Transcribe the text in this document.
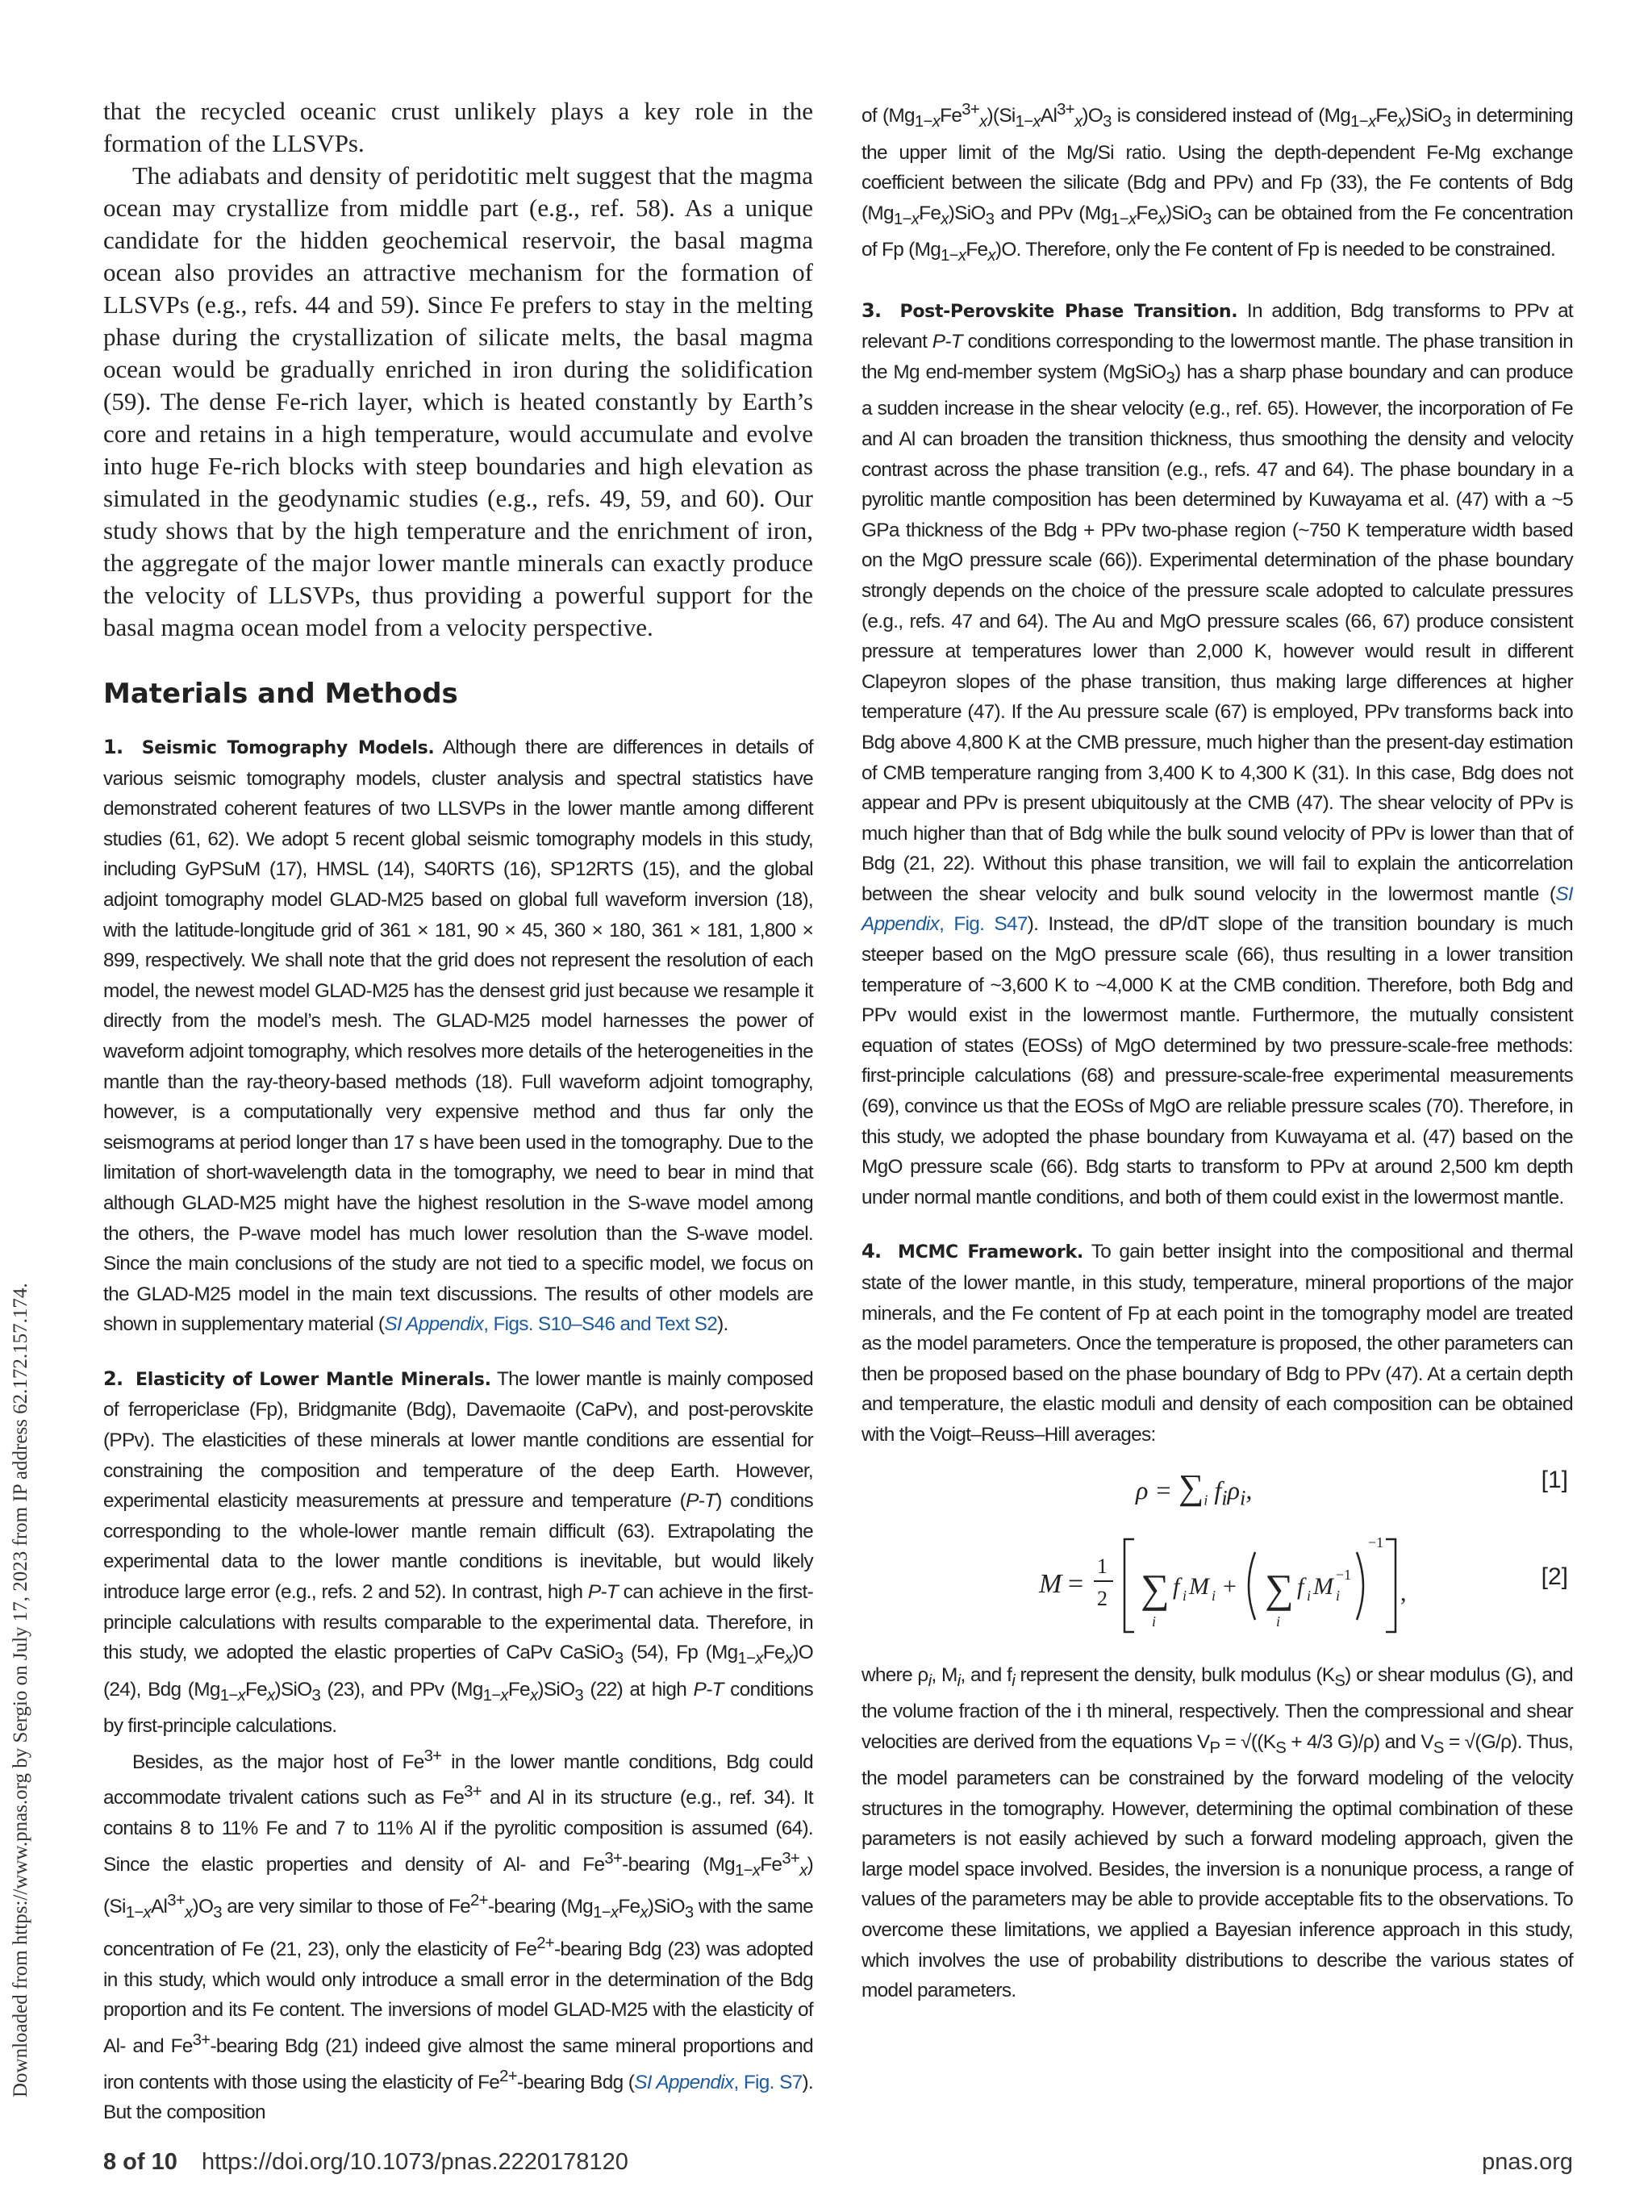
Downloaded from https://www.pnas.org by Sergio on July 17, 2023 from IP address 62.172.157.174.

that the recycled oceanic crust unlikely plays a key role in the formation of the LLSVPs.

The adiabats and density of peridotitic melt suggest that the magma ocean may crystallize from middle part (e.g., ref. 58). As a unique candidate for the hidden geochemical reservoir, the basal magma ocean also provides an attractive mechanism for the formation of LLSVPs (e.g., refs. 44 and 59). Since Fe prefers to stay in the melting phase during the crystallization of silicate melts, the basal magma ocean would be gradually enriched in iron during the solidification (59). The dense Fe-rich layer, which is heated constantly by Earth’s core and retains in a high temperature, would accumulate and evolve into huge Fe-rich blocks with steep boundaries and high elevation as simulated in the geodynamic studies (e.g., refs. 49, 59, and 60). Our study shows that by the high temperature and the enrichment of iron, the aggregate of the major lower mantle minerals can exactly produce the velocity of LLSVPs, thus providing a powerful support for the basal magma ocean model from a velocity perspective.

Materials and Methods

1. Seismic Tomography Models. Although there are differences in details of various seismic tomography models, cluster analysis and spectral statistics have demonstrated coherent features of two LLSVPs in the lower mantle among different studies (61, 62). We adopt 5 recent global seismic tomography models in this study, including GyPSuM (17), HMSL (14), S40RTS (16), SP12RTS (15), and the global adjoint tomography model GLAD-M25 based on global full waveform inversion (18), with the latitude-longitude grid of 361 × 181, 90 × 45, 360 × 180, 361 × 181, 1,800 × 899, respectively. We shall note that the grid does not represent the resolution of each model, the newest model GLAD-M25 has the densest grid just because we resample it directly from the model’s mesh. The GLAD-M25 model harnesses the power of waveform adjoint tomography, which resolves more details of the heterogeneities in the mantle than the ray-theory-based methods (18). Full waveform adjoint tomography, however, is a computationally very expensive method and thus far only the seismograms at period longer than 17 s have been used in the tomography. Due to the limitation of short-wavelength data in the tomography, we need to bear in mind that although GLAD-M25 might have the highest resolution in the S-wave model among the others, the P-wave model has much lower resolution than the S-wave model. Since the main conclusions of the study are not tied to a specific model, we focus on the GLAD-M25 model in the main text discussions. The results of other models are shown in supplementary material (SI Appendix, Figs. S10–S46 and Text S2).

2. Elasticity of Lower Mantle Minerals. The lower mantle is mainly composed of ferropericlase (Fp), Bridgmanite (Bdg), Davemaoite (CaPv), and post-perovskite (PPv). The elasticities of these minerals at lower mantle conditions are essential for constraining the composition and temperature of the deep Earth. However, experimental elasticity measurements at pressure and temperature (P-T) conditions corresponding to the whole-lower mantle remain difficult (63). Extrapolating the experimental data to the lower mantle conditions is inevitable, but would likely introduce large error (e.g., refs. 2 and 52). In contrast, high P-T can achieve in the first-principle calculations with results comparable to the experimental data. Therefore, in this study, we adopted the elastic properties of CaPv CaSiO$_3$ (54), Fp $(Mg_{1-x}Fe_x)O$ (24), Bdg $(Mg_{1-x}Fe_x)SiO_3$ (23), and PPv $(Mg_{1-x}Fe_x)SiO_3$ (22) at high P-T conditions by first-principle calculations.

Besides, as the major host of $Fe^{3+}$ in the lower mantle conditions, Bdg could accommodate trivalent cations such as $Fe^{3+}$ and Al in its structure (e.g., ref. 34). It contains 8 to 11% Fe and 7 to 11% Al if the pyrolitic composition is assumed (64). Since the elastic properties and density of Al- and $Fe^{3+}$-bearing $(Mg_{1-x}Fe^{3+}_x)(Si_{1-x}Al^{3+}_x)O_3$ are very similar to those of $Fe^{2+}$-bearing $(Mg_{1-x}Fe_x)SiO_3$ with the same concentration of Fe (21, 23), only the elasticity of $Fe^{2+}$-bearing Bdg (23) was adopted in this study, which would only introduce a small error in the determination of the Bdg proportion and its Fe content. The inversions of model GLAD-M25 with the elasticity of Al- and $Fe^{3+}$-bearing Bdg (21) indeed give almost the same mineral proportions and iron contents with those using the elasticity of $Fe^{2+}$-bearing Bdg (SI Appendix, Fig. S7). But the composition

of $(Mg_{1-x}Fe^{3+}_x)(Si_{1-x}Al^{3+}_x)O_3$ is considered instead of $(Mg_{1-x}Fe_x)SiO_3$ in determining the upper limit of the Mg/Si ratio. Using the depth-dependent Fe-Mg exchange coefficient between the silicate (Bdg and PPv) and Fp (33), the Fe contents of Bdg $(Mg_{1-x}Fe_x)SiO_3$ and PPv $(Mg_{1-x}Fe_x)SiO_3$ can be obtained from the Fe concentration of Fp $(Mg_{1-x}Fe_x)O$. Therefore, only the Fe content of Fp is needed to be constrained.

3. Post-Perovskite Phase Transition. In addition, Bdg transforms to PPv at relevant P-T conditions corresponding to the lowermost mantle. The phase transition in the Mg end-member system (MgSiO$_3$) has a sharp phase boundary and can produce a sudden increase in the shear velocity (e.g., ref. 65). However, the incorporation of Fe and Al can broaden the transition thickness, thus smoothing the density and velocity contrast across the phase transition (e.g., refs. 47 and 64). The phase boundary in a pyrolitic mantle composition has been determined by Kuwayama et al. (47) with a ~5 GPa thickness of the Bdg + PPv two-phase region (~750 K temperature width based on the MgO pressure scale (66)). Experimental determination of the phase boundary strongly depends on the choice of the pressure scale adopted to calculate pressures (e.g., refs. 47 and 64). The Au and MgO pressure scales (66, 67) produce consistent pressure at temperatures lower than 2,000 K, however would result in different Clapeyron slopes of the phase transition, thus making large differences at higher temperature (47). If the Au pressure scale (67) is employed, PPv transforms back into Bdg above 4,800 K at the CMB pressure, much higher than the present-day estimation of CMB temperature ranging from 3,400 K to 4,300 K (31). In this case, Bdg does not appear and PPv is present ubiquitously at the CMB (47). The shear velocity of PPv is much higher than that of Bdg while the bulk sound velocity of PPv is lower than that of Bdg (21, 22). Without this phase transition, we will fail to explain the anticorrelation between the shear velocity and bulk sound velocity in the lowermost mantle (SI Appendix, Fig. S47). Instead, the dP/dT slope of the transition boundary is much steeper based on the MgO pressure scale (66), thus resulting in a lower transition temperature of ~3,600 K to ~4,000 K at the CMB condition. Therefore, both Bdg and PPv would exist in the lowermost mantle. Furthermore, the mutually consistent equation of states (EOSs) of MgO determined by two pressure-scale-free methods: first-principle calculations (68) and pressure-scale-free experimental measurements (69), convince us that the EOSs of MgO are reliable pressure scales (70). Therefore, in this study, we adopted the phase boundary from Kuwayama et al. (47) based on the MgO pressure scale (66). Bdg starts to transform to PPv at around 2,500 km depth under normal mantle conditions, and both of them could exist in the lowermost mantle.

4. MCMC Framework. To gain better insight into the compositional and thermal state of the lower mantle, in this study, temperature, mineral proportions of the major minerals, and the Fe content of Fp at each point in the tomography model are treated as the model parameters. Once the temperature is proposed, the other parameters can then be proposed based on the phase boundary of Bdg to PPv (47). At a certain depth and temperature, the elastic moduli and density of each composition can be obtained with the Voigt–Reuss–Hill averages:

$\rho = \sum_i$ $f_i\rho_i$,	[1]
M =
1
2 ∑
i
f i M i + ∑
i
f i M i
−1
−1
,
[2]

where $\rho_i$, $M_i$, and $f_i$ represent the density, bulk modulus $(K_S)$ or shear modulus (G), and the volume fraction of the i th mineral, respectively. Then the compressional and shear velocities are derived from the equations $V_P = √((K_S + 4/3$ G)/ρ) and $V_S = √(G/\rho)$. Thus, the model parameters can be constrained by the forward modeling of the velocity structures in the tomography. However, determining the optimal combination of these parameters is not easily achieved by such a forward modeling approach, given the large model space involved. Besides, the inversion is a nonunique process, a range of values of the parameters may be able to provide acceptable fits to the observations. To overcome these limitations, we applied a Bayesian inference approach in this study, which involves the use of probability distributions to describe the various states of model parameters.

8 of 10 https://doi.org/10.1073/pnas.2220178120	pnas.org
